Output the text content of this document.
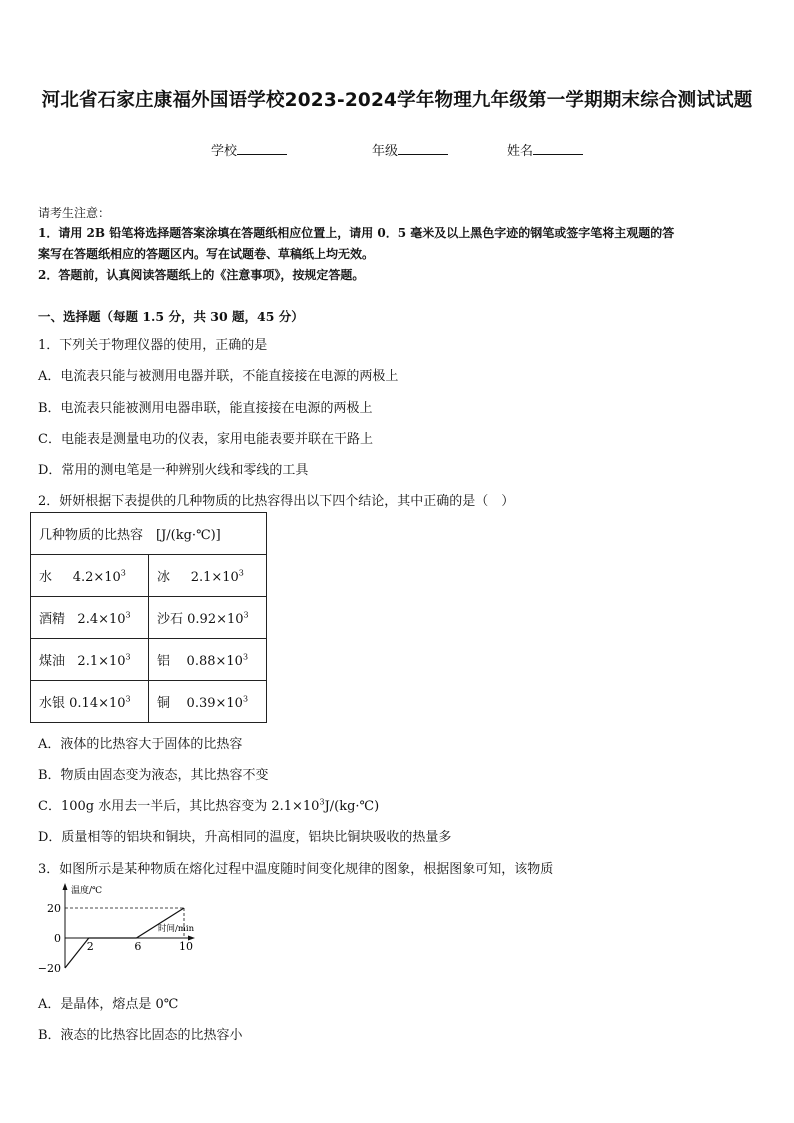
河北省石家庄康福外国语学校2023-2024学年物理九年级第一学期期末综合测试试题
学校	年级	姓名
请考生注意：
1．请用 2B 铅笔将选择题答案涂填在答题纸相应位置上，请用 0．5 毫米及以上黑色字迹的钢笔或签字笔将主观题的答
案写在答题纸相应的答题区内。写在试题卷、草稿纸上均无效。
2．答题前，认真阅读答题纸上的《注意事项》，按规定答题。
一、选择题（每题 1.5 分，共 30 题，45 分）
1．下列关于物理仪器的使用，正确的是
A．电流表只能与被测用电器并联，不能直接接在电源的两极上
B．电流表只能被测用电器串联，能直接接在电源的两极上
C．电能表是测量电功的仪表，家用电能表要并联在干路上
D．常用的测电笔是一种辨别火线和零线的工具
2．妍妍根据下表提供的几种物质的比热容得出以下四个结论，其中正确的是（　）
几种物质的比热容　[J/(kg·℃)]	
水 $4.2\times 10^3$	冰 $2.1\times 10^3$
酒精 $2.4\times 10^3$	沙石 $0.92\times 10^3$
煤油 $2.1\times 10^3$	铝 $0.88\times 10^3$
水银 $0.14\times 10^3$	铜 $0.39\times 10^3$
A．液体的比热容大于固体的比热容
B．物质由固态变为液态，其比热容不变
C．100g 水用去一半后，其比热容变为 $2.1\times 10^3J/(kg\cdot℃)$
D．质量相等的铝块和铜块，升高相同的温度，铝块比铜块吸收的热量多
3．如图所示是某种物质在熔化过程中温度随时间变化规律的图象，根据图象可知，该物质
温度/℃
时间/min
2	6	10
20
0
−20
A．是晶体，熔点是 0℃
B．液态的比热容比固态的比热容小
